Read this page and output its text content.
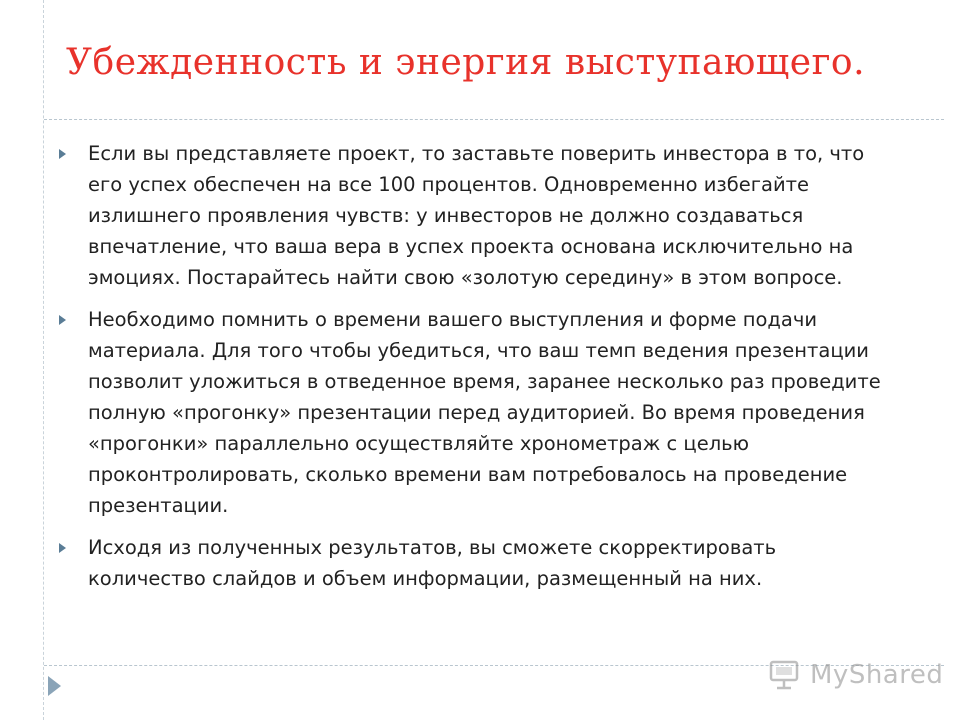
Убежденность и энергия выступающего.
Если вы представляете проект, то заставьте поверить инвестора в то, что его успех обеспечен на все 100 процентов. Одновременно избегайте излишнего проявления чувств: у инвесторов не должно создаваться впечатление, что ваша вера в успех проекта основана исключительно на эмоциях. Постарайтесь найти свою «золотую середину» в этом вопросе.
Необходимо помнить о времени вашего выступления и форме подачи материала. Для того чтобы убедиться, что ваш темп ведения презентации позволит уложиться в отведенное время, заранее несколько раз проведите полную «прогонку» презентации перед аудиторией. Во время проведения «прогонки» параллельно осуществляйте хронометраж с целью проконтролировать, сколько времени вам потребовалось на проведение презентации.
Исходя из полученных результатов, вы сможете скорректировать количество слайдов и объем информации, размещенный на них.
MyShared
